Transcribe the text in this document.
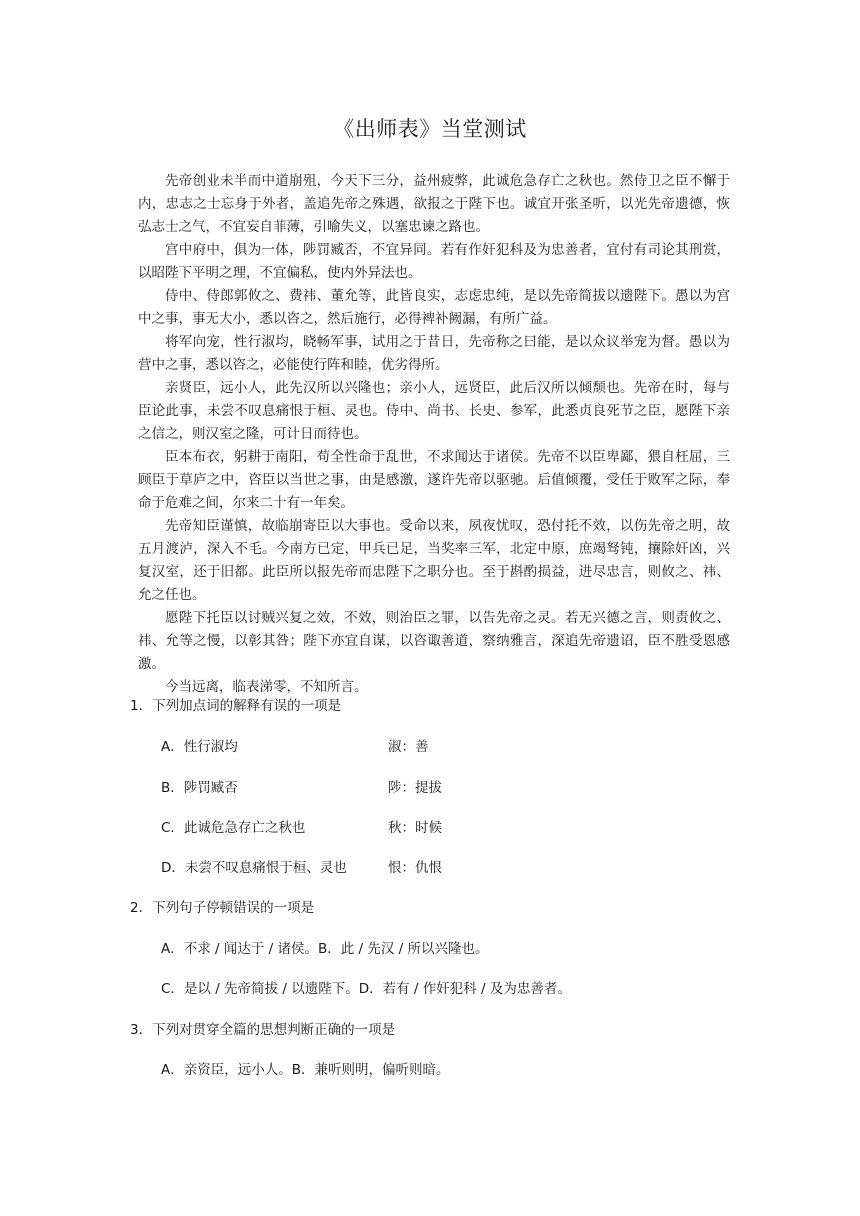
《出师表》当堂测试

先帝创业未半而中道崩殂，今天下三分，益州疲弊，此诚危急存亡之秋也。然侍卫之臣不懈于内，忠志之士忘身于外者，盖追先帝之殊遇，欲报之于陛下也。诚宜开张圣听，以光先帝遗德，恢弘志士之气，不宜妄自菲薄，引喻失义，以塞忠谏之路也。

宫中府中，俱为一体，陟罚臧否，不宜异同。若有作奸犯科及为忠善者，宜付有司论其刑赏，以昭陛下平明之理，不宜偏私，使内外异法也。

侍中、侍郎郭攸之、费祎、董允等，此皆良实，志虑忠纯，是以先帝简拔以遗陛下。愚以为宫中之事，事无大小，悉以咨之，然后施行，必得裨补阙漏，有所广益。

将军向宠，性行淑均，晓畅军事，试用之于昔日，先帝称之曰能，是以众议举宠为督。愚以为营中之事，悉以咨之，必能使行阵和睦，优劣得所。

亲贤臣，远小人，此先汉所以兴隆也；亲小人，远贤臣，此后汉所以倾颓也。先帝在时，每与臣论此事，未尝不叹息痛恨于桓、灵也。侍中、尚书、长史、参军，此悉贞良死节之臣，愿陛下亲之信之，则汉室之隆，可计日而待也。

臣本布衣，躬耕于南阳，苟全性命于乱世，不求闻达于诸侯。先帝不以臣卑鄙，猥自枉屈，三顾臣于草庐之中，咨臣以当世之事，由是感激，遂许先帝以驱驰。后值倾覆，受任于败军之际，奉命于危难之间，尔来二十有一年矣。

先帝知臣谨慎，故临崩寄臣以大事也。受命以来，夙夜忧叹，恐付托不效，以伤先帝之明，故五月渡泸，深入不毛。今南方已定，甲兵已足，当奖率三军，北定中原，庶竭驽钝，攘除奸凶，兴复汉室，还于旧都。此臣所以报先帝而忠陛下之职分也。至于斟酌损益，进尽忠言，则攸之、祎、允之任也。

愿陛下托臣以讨贼兴复之效，不效，则治臣之罪，以告先帝之灵。若无兴德之言，则责攸之、祎、允等之慢，以彰其咎；陛下亦宜自谋，以咨诹善道，察纳雅言，深追先帝遗诏，臣不胜受恩感激。

今当远离，临表涕零，不知所言。

1．下列加点词的解释有误的一项是
A．性行淑均	淑：善
B．陟罚臧否	陟：提拔
C．此诚危急存亡之秋也	秋：时候
D．未尝不叹息痛恨于桓、灵也	恨：仇恨
2．下列句子停顿错误的一项是
A．不求 / 闻达于 / 诸侯。B．此 / 先汉 / 所以兴隆也。
C．是以 / 先帝简拔 / 以遗陛下。D．若有 / 作奸犯科 / 及为忠善者。
3．下列对贯穿全篇的思想判断正确的一项是
A．亲资臣，远小人。B．兼听则明，偏听则暗。
